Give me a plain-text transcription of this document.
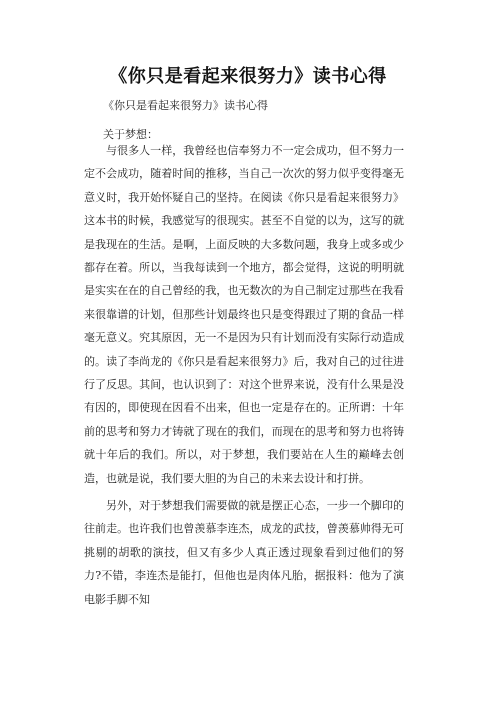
《你只是看起来很努力》读书心得

《你只是看起来很努力》读书心得

关于梦想：

与很多人一样，我曾经也信奉努力不一定会成功，但不努力一定不会成功，随着时间的推移，当自己一次次的努力似乎变得毫无意义时，我开始怀疑自己的坚持。在阅读《你只是看起来很努力》这本书的时候，我感觉写的很现实。甚至不自觉的以为，这写的就是我现在的生活。是啊，上面反映的大多数问题，我身上或多或少都存在着。所以，当我每读到一个地方，都会觉得，这说的明明就是实实在在的自己曾经的我，也无数次的为自己制定过那些在我看来很靠谱的计划，但那些计划最终也只是变得跟过了期的食品一样毫无意义。究其原因，无一不是因为只有计划而没有实际行动造成的。读了李尚龙的《你只是看起来很努力》后，我对自己的过往进行了反思。其间，也认识到了：对这个世界来说，没有什么果是没有因的，即使现在因看不出来，但也一定是存在的。正所谓：十年前的思考和努力才铸就了现在的我们，而现在的思考和努力也将铸就十年后的我们。所以，对于梦想，我们要站在人生的巅峰去创造，也就是说，我们要大胆的为自己的未来去设计和打拼。

另外，对于梦想我们需要做的就是摆正心态，一步一个脚印的往前走。也许我们也曾羡慕李连杰，成龙的武技，曾羡慕帅得无可挑剔的胡歌的演技，但又有多少人真正透过现象看到过他们的努力?不错，李连杰是能打，但他也是肉体凡胎，据报料：他为了演电影手脚不知
